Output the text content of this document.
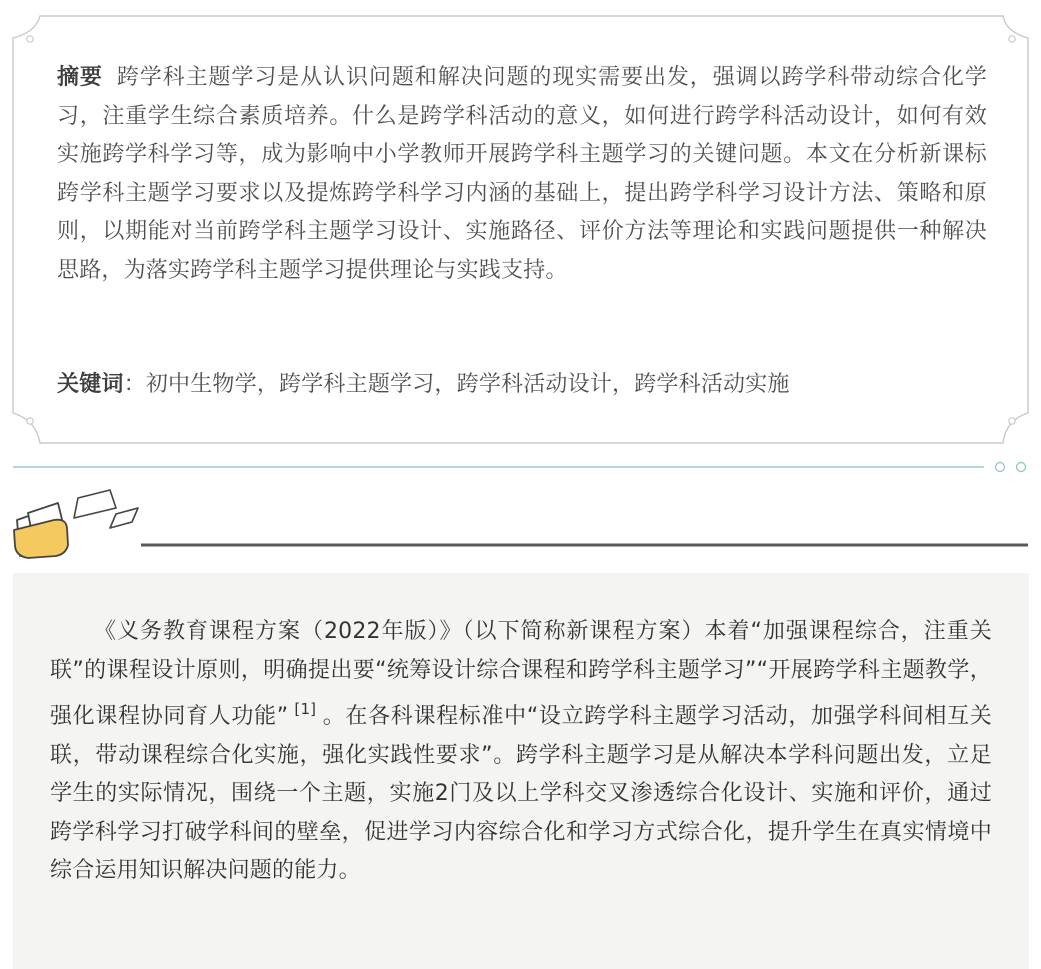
摘要 跨学科主题学习是从认识问题和解决问题的现实需要出发，强调以跨学科带动综合化学习，注重学生综合素质培养。什么是跨学科活动的意义，如何进行跨学科活动设计，如何有效实施跨学科学习等，成为影响中小学教师开展跨学科主题学习的关键问题。本文在分析新课标跨学科主题学习要求以及提炼跨学科学习内涵的基础上，提出跨学科学习设计方法、策略和原则，以期能对当前跨学科主题学习设计、实施路径、评价方法等理论和实践问题提供一种解决思路，为落实跨学科主题学习提供理论与实践支持。

关键词：初中生物学，跨学科主题学习，跨学科活动设计，跨学科活动实施

《义务教育课程方案（2022年版）》（以下简称新课程方案）本着“加强课程综合，注重关联”的课程设计原则，明确提出要“统筹设计综合课程和跨学科主题学习”“开展跨学科主题教学，强化课程协同育人功能” [1] 。在各科课程标准中“设立跨学科主题学习活动，加强学科间相互关联，带动课程综合化实施，强化实践性要求”。跨学科主题学习是从解决本学科问题出发，立足学生的实际情况，围绕一个主题，实施2门及以上学科交叉渗透综合化设计、实施和评价，通过跨学科学习打破学科间的壁垒，促进学习内容综合化和学习方式综合化，提升学生在真实情境中综合运用知识解决问题的能力。
